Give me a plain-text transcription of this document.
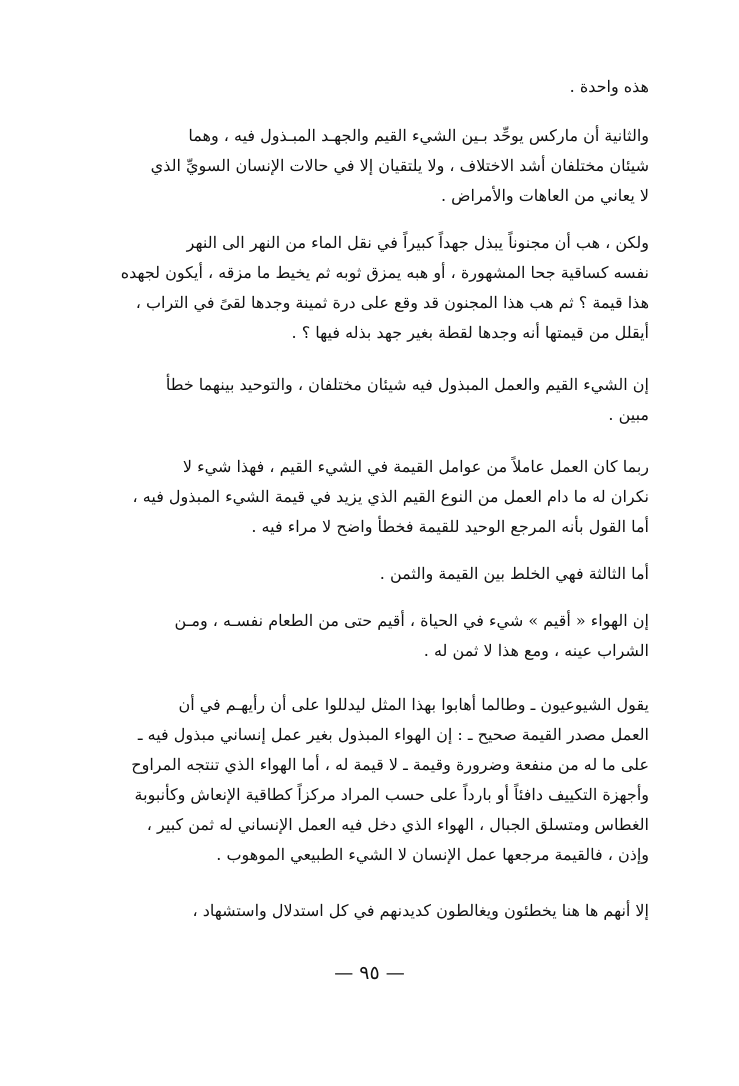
هذه واحدة .

والثانية أن ماركس يوحِّد بـين الشيء القيم والجهـد المبـذول فيه ، وهما
شيئان مختلفان أشد الاختلاف ، ولا يلتقيان إلا في حالات الإنسان السويِّ الذي
لا يعاني من العاهات والأمراض .

ولكن ، هب أن مجنوناً يبذل جهداً كبيراً في نقل الماء من النهر الى النهر
نفسه كساقية جحا المشهورة ، أو هبه يمزق ثوبه ثم يخيط ما مزقه ، أيكون لجهده
هذا قيمة ؟ ثم هب هذا المجنون قد وقع على درة ثمينة وجدها لقىً في التراب ،
أيقلل من قيمتها أنه وجدها لقطة بغير جهد بذله فيها ؟ .

إن الشيء القيم والعمل المبذول فيه شيئان مختلفان ، والتوحيد بينهما خطأ
مبين .

ربما كان العمل عاملاً من عوامل القيمة في الشيء القيم ، فهذا شيء لا
نكران له ما دام العمل من النوع القيم الذي يزيد في قيمة الشيء المبذول فيه ،
أما القول بأنه المرجع الوحيد للقيمة فخطأ واضح لا مراء فيه .

أما الثالثة فهي الخلط بين القيمة والثمن .

إن الهواء « أقيم » شيء في الحياة ، أقيم حتى من الطعام نفسـه ، ومـن
الشراب عينه ، ومع هذا لا ثمن له .

يقول الشيوعيون ـ وطالما أهابوا بهذا المثل ليدللوا على أن رأيهـم في أن
العمل مصدر القيمة صحيح ـ : إن الهواء المبذول بغير عمل إنساني مبذول فيه ـ
على ما له من منفعة وضرورة وقيمة ـ لا قيمة له ، أما الهواء الذي تنتجه المراوح
وأجهزة التكييف دافئاً أو بارداً على حسب المراد مركزاً كطاقية الإنعاش وكأنبوبة
الغطاس ومتسلق الجبال ، الهواء الذي دخل فيه العمل الإنساني له ثمن كبير ،
وإذن ، فالقيمة مرجعها عمل الإنسان لا الشيء الطبيعي الموهوب .

إلا أنهم ها هنا يخطئون ويغالطون كديدنهم في كل استدلال واستشهاد ،

— ٩٥ —
